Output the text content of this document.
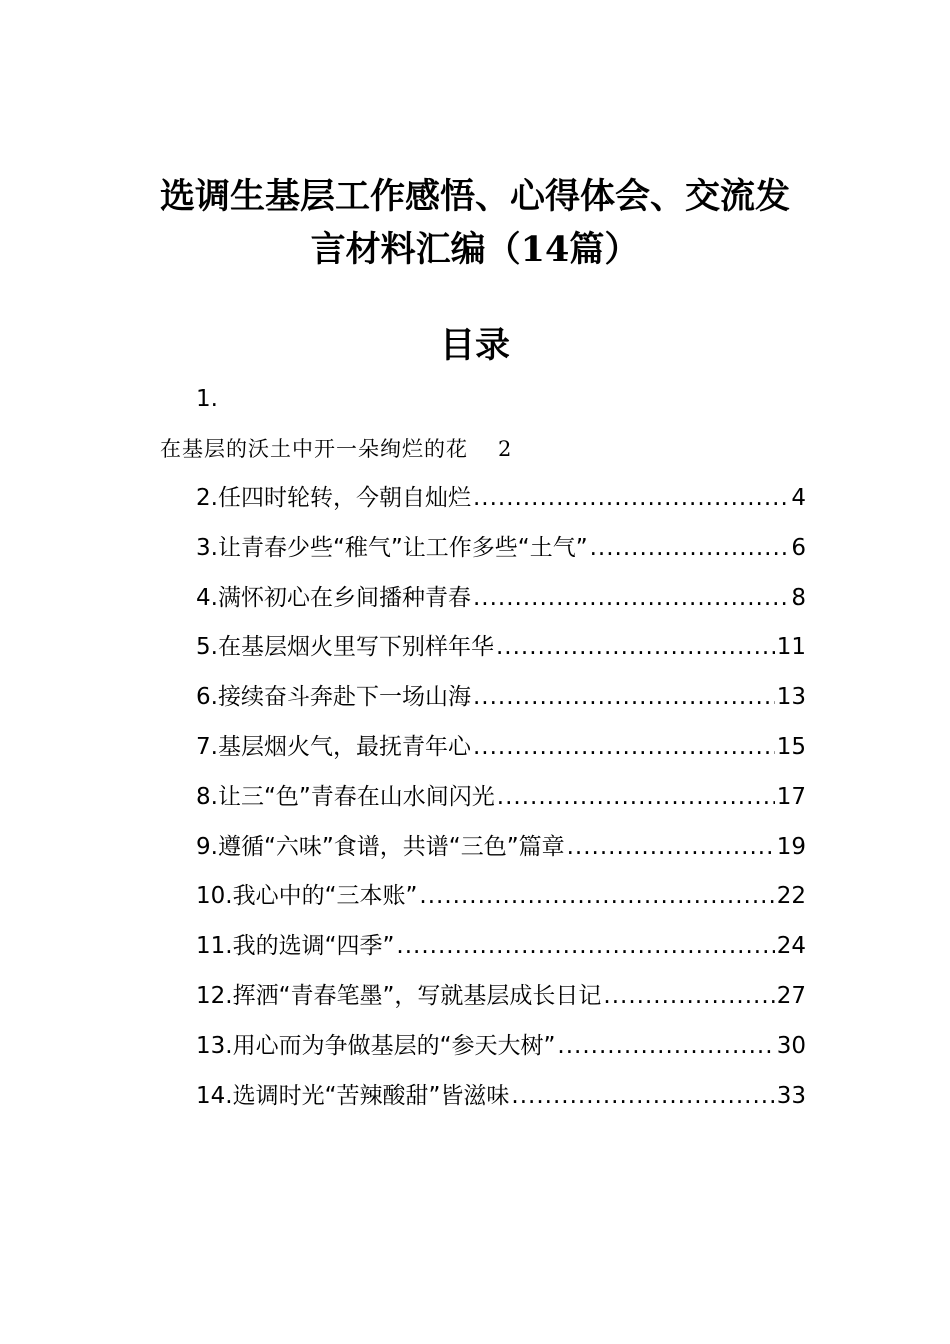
选调生基层工作感悟、心得体会、交流发
言材料汇编（14篇）
目录
1.
在基层的沃土中开一朵绚烂的花 2
2.任四时轮转，今朝自灿烂 .....	4
3.让青春少些“稚气”让工作多些“土气” .....	6
4.满怀初心在乡间播种青春 .....	8
5.在基层烟火里写下别样年华 .....	11
6.接续奋斗奔赴下一场山海 .....	13
7.基层烟火气，最抚青年心 .....	15
8.让三“色”青春在山水间闪光 .....	17
9.遵循“六味”食谱，共谱“三色”篇章 .....	19
10.我心中的“三本账” .....	22
11.我的选调“四季” .....	24
12.挥洒“青春笔墨”，写就基层成长日记 .....	27
13.用心而为争做基层的“参天大树” .....	30
14.选调时光“苦辣酸甜”皆滋味 .....	33
